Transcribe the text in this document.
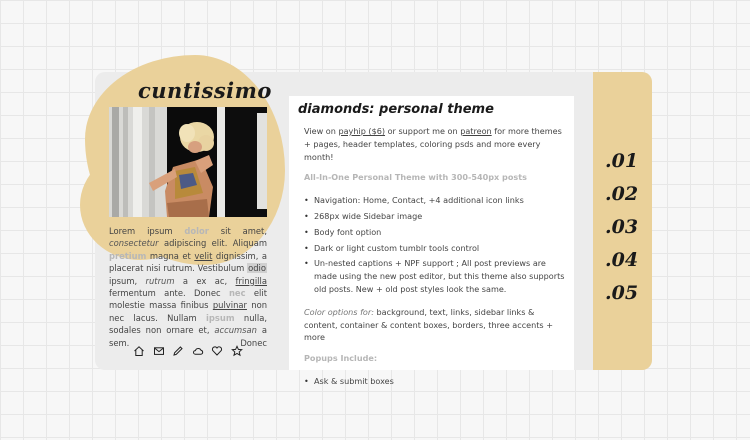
cuntissimo
Lorem ipsum dolor sit amet, consectetur adipiscing elit. Aliquam pretium magna et velit dignissim, a placerat nisi rutrum. Vestibulum odio ipsum, rutrum a ex ac, fringilla fermentum ante. Donec nec elit molestie massa finibus pulvinar non nec lacus. Nullam ipsum nulla, sodales non ornare et, accumsan a sem. Donec
diamonds: personal theme

View on payhip ($6) or support me on patreon for more themes + pages, header templates, coloring psds and more every month!

All-In-One Personal Theme with 300-540px posts

• Navigation: Home, Contact, +4 additional icon links
• 268px wide Sidebar image
• Body font option
• Dark or light custom tumblr tools control
• Un-nested captions + NPF support ; All post previews are made using the new post editor, but this theme also supports old posts. New + old post styles look the same.

Color options for: background, text, links, sidebar links & content, container & content boxes, borders, three accents + more

Popups Include:

• Ask & submit boxes
.01
.02
.03
.04
.05
